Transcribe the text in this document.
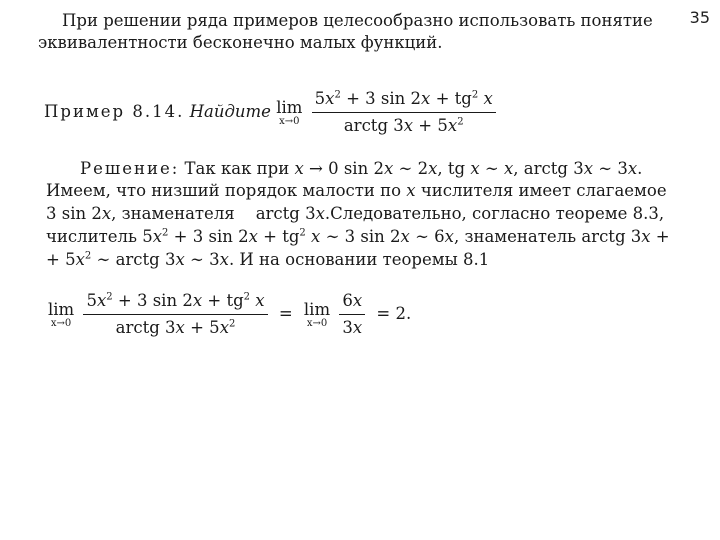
35
При решении ряда примеров целесообразно использовать понятие
эквивалентности бесконечно малых функций.
Пример 8.14. Найдите lim
x→0
$\frac{5x^2 + 3 \sin 2x + tg^2 x}{arctg 3x + 5x^2}$
Решение: Так как при x → 0 sin 2x ∼ 2x, tg x ∼ x, arctg 3x ∼ 3x.
Имеем, что низший порядок малости по x числителя имеет слагаемое
3 sin 2x, знаменателя    arctg 3x.Следовательно, согласно теореме 8.3,
числитель $5x^2 + 3$ $\sin 2x + tg^2$ x ∼ 3 sin 2x ∼ 6x, знаменатель arctg 3x +
+ $5x^2$ ∼ arctg 3x ∼ 3x. И на основании теоремы 8.1
lim
x→0
$\frac{5x^2 + 3 \sin 2x + tg^2 x}{arctg 3x + 5x^2} = \lim$
x→0
$\frac{6x}{3x} = 2$.
